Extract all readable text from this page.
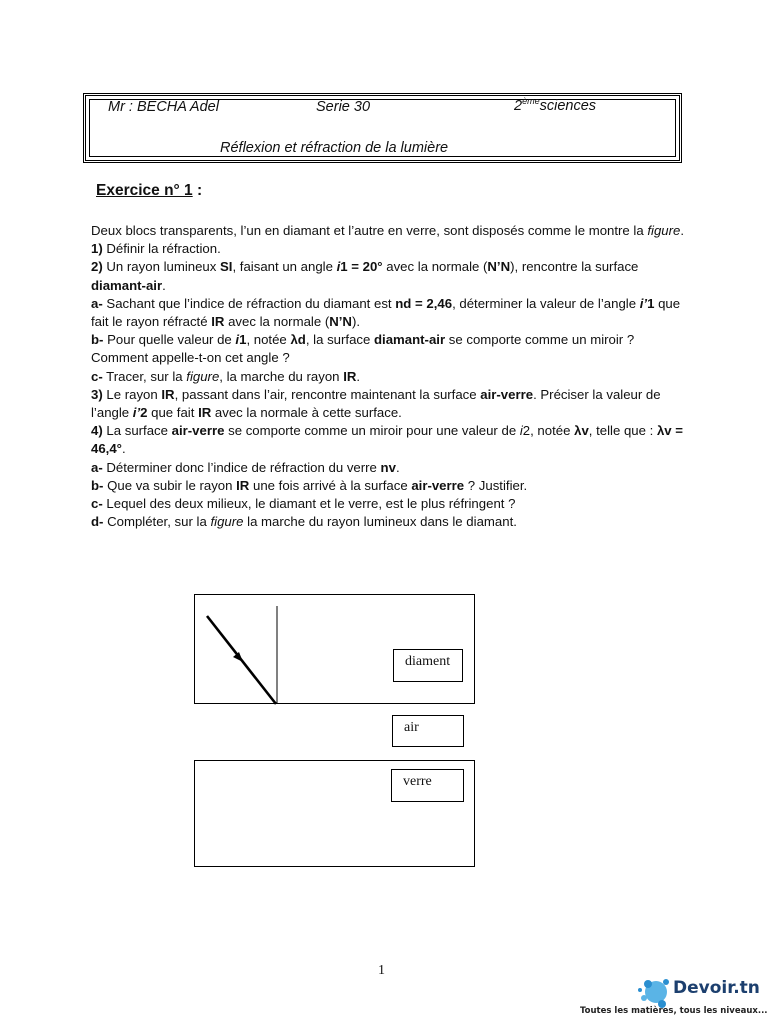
Mr : BECHA Adel	Serie 30	2èmesciences
Réflexion et réfraction de la lumière
Exercice n° 1 :

Deux blocs transparents, l’un en diamant et l’autre en verre, sont disposés comme le montre la figure.

1) Définir la réfraction.

2) Un rayon lumineux SI, faisant un angle i1 = 20° avec la normale (N’N), rencontre la surface diamant-air.

a- Sachant que l’indice de réfraction du diamant est nd = 2,46, déterminer la valeur de l’angle i’1 que fait le rayon réfracté IR avec la normale (N’N).

b- Pour quelle valeur de i1, notée λd, la surface diamant-air se comporte comme un miroir ? Comment appelle-t-on cet angle ?

c- Tracer, sur la figure, la marche du rayon IR.

3) Le rayon IR, passant dans l’air, rencontre maintenant la surface air-verre. Préciser la valeur de l’angle i’2 que fait IR avec la normale à cette surface.

4) La surface air-verre se comporte comme un miroir pour une valeur de i2, notée λv, telle que : λv = 46,4°.

a- Déterminer donc l’indice de réfraction du verre nv.

b- Que va subir le rayon IR une fois arrivé à la surface air-verre ? Justifier.

c- Lequel des deux milieux, le diamant et le verre, est le plus réfringent ?

d- Compléter, sur la figure la marche du rayon lumineux dans le diamant.

diament
air
verre
1
Devoir.tn
Toutes les matières, tous les niveaux...
